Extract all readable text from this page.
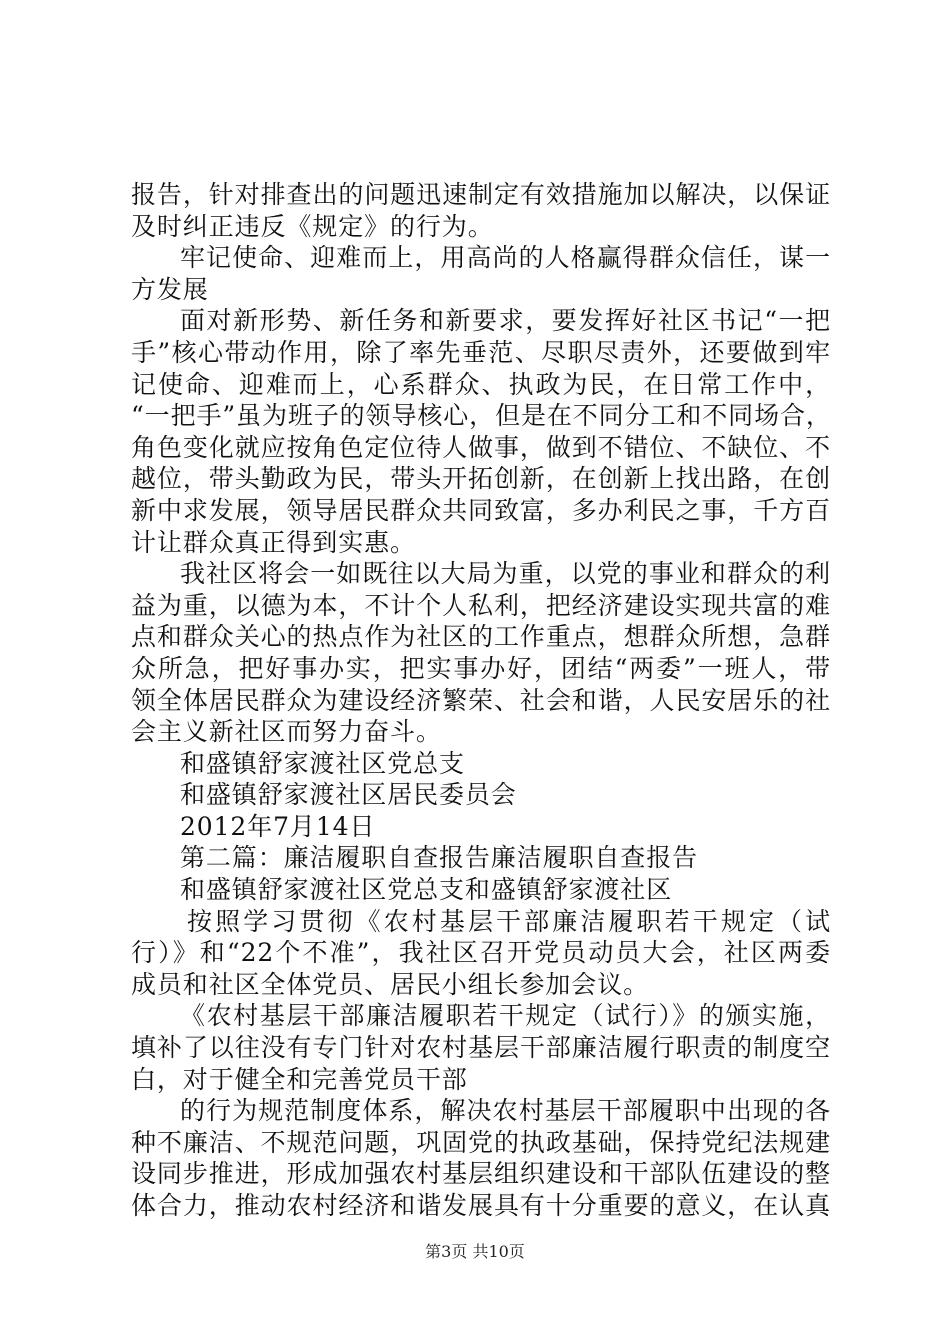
报告，针对排查出的问题迅速制定有效措施加以解决，以保证
及时纠正违反《规定》的行为。
牢记使命、迎难而上，用高尚的人格赢得群众信任，谋一
方发展
面对新形势、新任务和新要求，要发挥好社区书记“一把
手”核心带动作用，除了率先垂范、尽职尽责外，还要做到牢
记使命、迎难而上，心系群众、执政为民，在日常工作中，
“一把手”虽为班子的领导核心，但是在不同分工和不同场合，
角色变化就应按角色定位待人做事，做到不错位、不缺位、不
越位，带头勤政为民，带头开拓创新，在创新上找出路，在创
新中求发展，领导居民群众共同致富，多办利民之事，千方百
计让群众真正得到实惠。
我社区将会一如既往以大局为重，以党的事业和群众的利
益为重，以德为本，不计个人私利，把经济建设实现共富的难
点和群众关心的热点作为社区的工作重点，想群众所想，急群
众所急，把好事办实，把实事办好，团结“两委”一班人，带
领全体居民群众为建设经济繁荣、社会和谐，人民安居乐的社
会主义新社区而努力奋斗。
和盛镇舒家渡社区党总支
和盛镇舒家渡社区居民委员会
2012年7月14日
第二篇：廉洁履职自查报告廉洁履职自查报告
和盛镇舒家渡社区党总支和盛镇舒家渡社区
按照学习贯彻《农村基层干部廉洁履职若干规定（试
行）》和“22个不准”，我社区召开党员动员大会，社区两委
成员和社区全体党员、居民小组长参加会议。
《农村基层干部廉洁履职若干规定（试行）》的颁实施，
填补了以往没有专门针对农村基层干部廉洁履行职责的制度空
白，对于健全和完善党员干部
的行为规范制度体系，解决农村基层干部履职中出现的各
种不廉洁、不规范问题，巩固党的执政基础，保持党纪法规建
设同步推进，形成加强农村基层组织建设和干部队伍建设的整
体合力，推动农村经济和谐发展具有十分重要的意义，在认真
第3页 共10页
